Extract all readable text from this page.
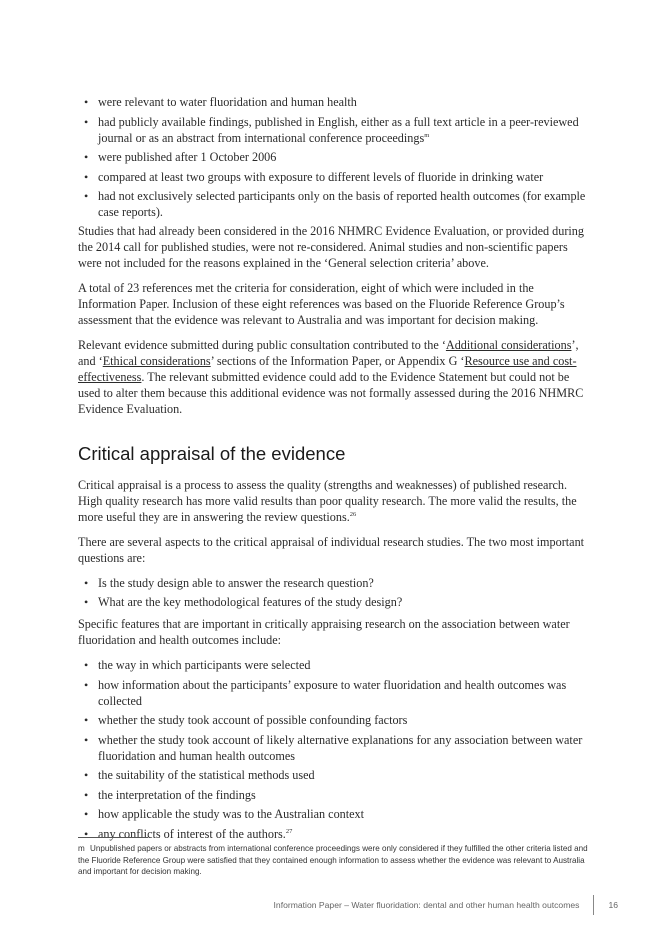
• were relevant to water fluoridation and human health
• had publicly available findings, published in English, either as a full text article in a peer-reviewed journal or as an abstract from international conference proceedings$^m$
• were published after 1 October 2006
• compared at least two groups with exposure to different levels of fluoride in drinking water
• had not exclusively selected participants only on the basis of reported health outcomes (for example case reports).

Studies that had already been considered in the 2016 NHMRC Evidence Evaluation, or provided during the 2014 call for published studies, were not re-considered. Animal studies and non-scientific papers were not included for the reasons explained in the ‘General selection criteria’ above.

A total of 23 references met the criteria for consideration, eight of which were included in the Information Paper. Inclusion of these eight references was based on the Fluoride Reference Group’s assessment that the evidence was relevant to Australia and was important for decision making.

Relevant evidence submitted during public consultation contributed to the ‘Additional considerations’, and ‘Ethical considerations’ sections of the Information Paper, or Appendix G ‘Resource use and cost-effectiveness. The relevant submitted evidence could add to the Evidence Statement but could not be used to alter them because this additional evidence was not formally assessed during the 2016 NHMRC Evidence Evaluation.

Critical appraisal of the evidence

Critical appraisal is a process to assess the quality (strengths and weaknesses) of published research. High quality research has more valid results than poor quality research. The more valid the results, the more useful they are in answering the review questions.$^{26}$

There are several aspects to the critical appraisal of individual research studies. The two most important questions are:

• Is the study design able to answer the research question?
• What are the key methodological features of the study design?

Specific features that are important in critically appraising research on the association between water fluoridation and health outcomes include:

• the way in which participants were selected
• how information about the participants’ exposure to water fluoridation and health outcomes was collected
• whether the study took account of possible confounding factors
• whether the study took account of likely alternative explanations for any association between water fluoridation and human health outcomes
• the suitability of the statistical methods used
• the interpretation of the findings
• how applicable the study was to the Australian context
• any conflicts of interest of the authors.$^{27}$
m Unpublished papers or abstracts from international conference proceedings were only considered if they fulfilled the other criteria listed and the Fluoride Reference Group were satisfied that they contained enough information to assess whether the evidence was relevant to Australia and important for decision making.
Information Paper – Water fluoridation: dental and other human health outcomes	16
